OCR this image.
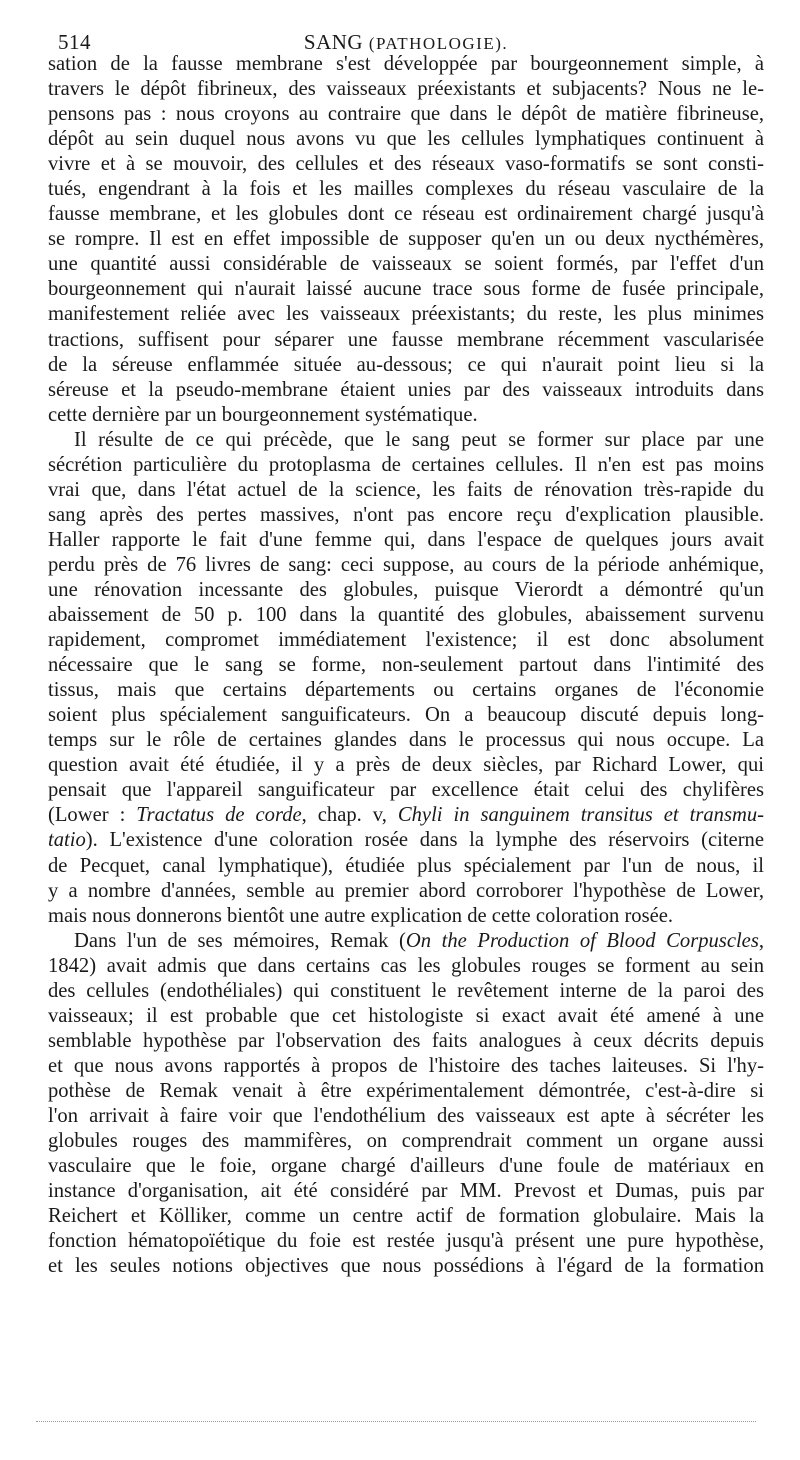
514	SANG (PATHOLOGIE).

sation de la fausse membrane s'est développée par bourgeonnement simple, à
travers le dépôt fibrineux, des vaisseaux préexistants et subjacents? Nous ne le-
pensons pas : nous croyons au contraire que dans le dépôt de matière fibrineuse,
dépôt au sein duquel nous avons vu que les cellules lymphatiques continuent à
vivre et à se mouvoir, des cellules et des réseaux vaso-formatifs se sont consti-
tués, engendrant à la fois et les mailles complexes du réseau vasculaire de la
fausse membrane, et les globules dont ce réseau est ordinairement chargé jusqu'à
se rompre. Il est en effet impossible de supposer qu'en un ou deux nycthémères,
une quantité aussi considérable de vaisseaux se soient formés, par l'effet d'un
bourgeonnement qui n'aurait laissé aucune trace sous forme de fusée principale,
manifestement reliée avec les vaisseaux préexistants; du reste, les plus minimes
tractions, suffisent pour séparer une fausse membrane récemment vascularisée
de la séreuse enflammée située au-dessous; ce qui n'aurait point lieu si la
séreuse et la pseudo-membrane étaient unies par des vaisseaux introduits dans
cette dernière par un bourgeonnement systématique.

Il résulte de ce qui précède, que le sang peut se former sur place par une
sécrétion particulière du protoplasma de certaines cellules. Il n'en est pas moins
vrai que, dans l'état actuel de la science, les faits de rénovation très-rapide du
sang après des pertes massives, n'ont pas encore reçu d'explication plausible.
Haller rapporte le fait d'une femme qui, dans l'espace de quelques jours avait
perdu près de 76 livres de sang: ceci suppose, au cours de la période anhémique,
une rénovation incessante des globules, puisque Vierordt a démontré qu'un
abaissement de 50 p. 100 dans la quantité des globules, abaissement survenu
rapidement, compromet immédiatement l'existence; il est donc absolument
nécessaire que le sang se forme, non-seulement partout dans l'intimité des
tissus, mais que certains départements ou certains organes de l'économie
soient plus spécialement sanguificateurs. On a beaucoup discuté depuis long-
temps sur le rôle de certaines glandes dans le processus qui nous occupe. La
question avait été étudiée, il y a près de deux siècles, par Richard Lower, qui
pensait que l'appareil sanguificateur par excellence était celui des chylifères
(Lower : Tractatus de corde, chap. v, Chyli in sanguinem transitus et transmu-
tatio). L'existence d'une coloration rosée dans la lymphe des réservoirs (citerne
de Pecquet, canal lymphatique), étudiée plus spécialement par l'un de nous, il
y a nombre d'années, semble au premier abord corroborer l'hypothèse de Lower,
mais nous donnerons bientôt une autre explication de cette coloration rosée.

Dans l'un de ses mémoires, Remak (On the Production of Blood Corpuscles,
1842) avait admis que dans certains cas les globules rouges se forment au sein
des cellules (endothéliales) qui constituent le revêtement interne de la paroi des
vaisseaux; il est probable que cet histologiste si exact avait été amené à une
semblable hypothèse par l'observation des faits analogues à ceux décrits depuis
et que nous avons rapportés à propos de l'histoire des taches laiteuses. Si l'hy-
pothèse de Remak venait à être expérimentalement démontrée, c'est-à-dire si
l'on arrivait à faire voir que l'endothélium des vaisseaux est apte à sécréter les
globules rouges des mammifères, on comprendrait comment un organe aussi
vasculaire que le foie, organe chargé d'ailleurs d'une foule de matériaux en
instance d'organisation, ait été considéré par MM. Prevost et Dumas, puis par
Reichert et Kölliker, comme un centre actif de formation globulaire. Mais la
fonction hématopoïétique du foie est restée jusqu'à présent une pure hypothèse,
et les seules notions objectives que nous possédions à l'égard de la formation
